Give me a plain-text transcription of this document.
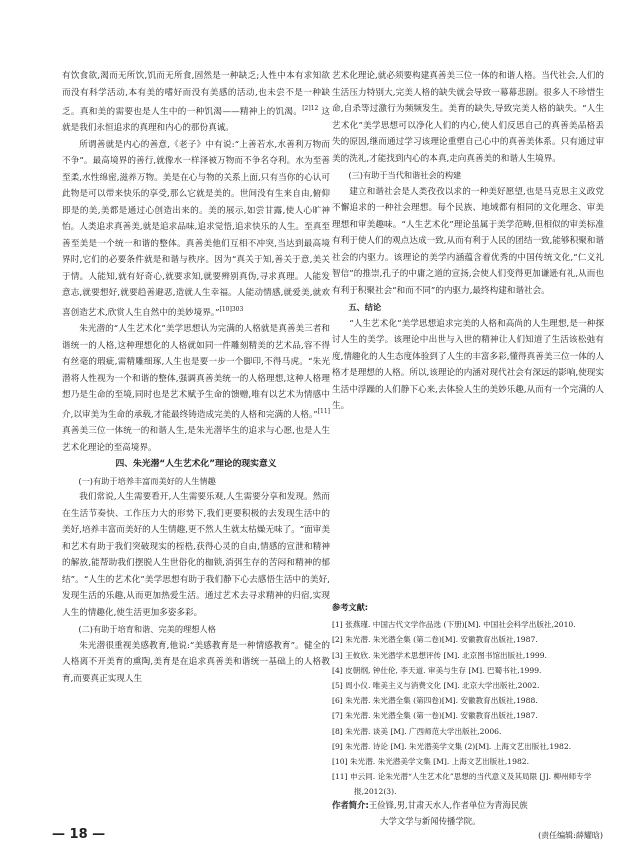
有饮食欲,渴而无所饮,饥而无所食,固然是一种缺乏;人性中本有求知欲而没有科学活动,本有美的嗜好而没有美感的活动,也未尝不是一种缺乏。真和美的需要也是人生中的一种饥渴——精神上的饥渴。$^{[2]12}$ 这就是我们永恒追求的真理和内心的那份真诚。

所谓善就是内心的善意,《老子》中有说:“上善若水,水善利万物而不争”。最高境界的善行,就像水一样泽被万物而不争名夺利。水为至善至柔,水性绵密,滋养万物。美是在心与物的关系上面,只有当你的心认可此物是可以带来快乐的享受,那么它就是美的。世间没有生来自由,俯仰即是的美,美都是通过心创造出来的。美的展示,如尝甘露,使人心旷神怡。人类追求真善美,就是追求品味,追求觉悟,追求快乐的人生。至真至善至美是一个统一和谐的整体。真善美他们互相不冲突,当达到最高境界时,它们的必要条件就是和谐与秩序。因为“真关于知,善关于意,美关于情。人能知,就有好奇心,就要求知,就要辨别真伪,寻求真理。人能发意志,就要想好,就要趋善避恶,造就人生幸福。人能动情感,就爱美,就欢喜创造艺术,欣赏人生自然中的美妙境界。”$^{[10]303}$

朱光潜的“人生艺术化”美学思想认为完满的人格就是真善美三者和谐统一的人格,这种理想化的人格就如同一件雕刻精美的艺术品,容不得有丝毫的瑕疵,需精雕细琢,人生也是要一步一个脚印,不得马虎。“朱光潜将人性视为一个和谐的整体,强调真善美统一的人格理想,这种人格理想乃是生命的至境,同时也是艺术赋予生命的馈赠,唯有以艺术为情感中介,以审美为生命的承载,才能最终铸造成完美的人格和完满的人格。”[11] 真善美三位一体统一的和谐人生,是朱光潜毕生的追求与心愿,也是人生艺术化理论的至高境界。

四、朱光潜“人生艺术化”理论的现实意义

(一)有助于培养丰富而美好的人生情趣

我们常说,人生需要看开,人生需要乐观,人生需要分享和发现。然而在生活节奏快、工作压力大的形势下,我们更要积极的去发现生活中的美好,培养丰富而美好的人生情趣,更不然人生就太枯燥无味了。“面审美和艺术有助于我们突破现实的桎梏,获得心灵的自由,情感的宣泄和精神的解放,能帮助我们摆脱人生世俗化的枷锁,消弭生存的苦闷和精神的郁结”。“人生的艺术化”美学思想有助于我们静下心去感悟生活中的美好,发现生活的乐趣,从而更加热爱生活。通过艺术去寻求精神的归宿,实现人生的情趣化,使生活更加多姿多彩。

(二)有助于培育和谐、完美的理想人格

朱光潜很重视美感教育,他说:“美感教育是一种情感教育”。健全的人格离不开美育的熏陶,美育是在追求真善美和谐统一基础上的人格教育,而要真正实现人生

艺术化理论,就必须要构建真善美三位一体的和谐人格。当代社会,人们的生活压力特别大,完美人格的缺失就会导致一幕幕悲剧。很多人不珍惜生命,自杀等过激行为频频发生。美育的缺失,导致完美人格的缺失。“人生艺术化”美学思想可以净化人们的内心,使人们反思自己的真善美品格丢失的原因,继而通过学习该理论重塑自己心中的真善美体系。只有通过审美的洗礼,才能找到内心的本真,走向真善美的和谐人生境界。

(三)有助于当代和谐社会的构建

建立和谐社会是人类孜孜以求的一种美好愿望,也是马克思主义政党不懈追求的一种社会理想。每个民族、地域都有相同的文化理念、审美理想和审美趣味。“人生艺术化”理论虽属于美学范畴,但相似的审美标准有利于使人们的观点达成一致,从而有利于人民的团结一致,能够积聚和谐社会的内驱力。该理论的美学内涵蕴含着优秀的中国传统文化,“仁义礼智信”的推崇,孔子的中庸之道的宣扬,会使人们变得更加谦逊有礼,从而也有利于积聚社会“和而不同”的内驱力,最终构建和谐社会。

五、结论

“人生艺术化”美学思想追求完美的人格和高尚的人生理想,是一种探讨人生的美学。该理论中出世与入世的精神让人们知道了生活该松弛有度,情趣化的人生态度体验到了人生的丰富多彩,懂得真善美三位一体的人格才是理想的人格。所以,该理论的内涵对现代社会有深远的影响,使现实生活中浮躁的人们静下心来,去体验人生的美妙乐趣,从而有一个完满的人生。

参考文献:

[1] 张燕瑾. 中国古代文学作品选 (下册)[M]. 中国社会科学出版社,2010.

[2] 朱光潜. 朱光潜全集 (第二卷)[M]. 安徽教育出版社,1987.

[3] 王攸欣. 朱光潜学术思想评传 [M]. 北京图书馆出版社,1999.

[4] 皮朝纲, 钟仕伦, 李天道. 审美与生存 [M]. 巴蜀书社,1999.

[5] 周小仪. 唯美主义与消费文化 [M]. 北京大学出版社,2002.

[6] 朱光潜. 朱光潜全集 (第四卷)[M]. 安徽教育出版社,1988.

[7] 朱光潜. 朱光潜全集 (第一卷)[M]. 安徽教育出版社,1987.

[8] 朱光潜. 谈美 [M]. 广西师范大学出版社,2006.

[9] 朱光潜. 诗论 [M]. 朱光潜美学文集 (2)[M]. 上海文艺出版社,1982.

[10] 朱光潜. 朱光潜美学文集 [M]. 上海文艺出版社,1982.

[11] 申云同. 论朱光潜“人生艺术化”思想的当代意义及其局限 [J]. 柳州师专学报,2012(3).

作者简介:王俭锋,男,甘肃天水人,作者单位为青海民族

大学文学与新闻传播学院。

(责任编辑:薛耀晗)
— 18 —
